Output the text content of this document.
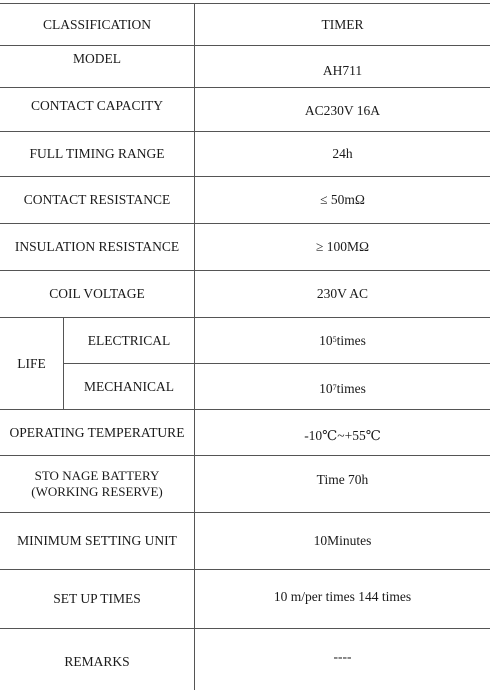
CLASSIFICATION
MODEL
CONTACT CAPACITY
FULL TIMING RANGE
CONTACT RESISTANCE
INSULATION RESISTANCE
COIL VOLTAGE
LIFE
ELECTRICAL
MECHANICAL
OPERATING TEMPERATURE
STO NAGE BATTERY
(WORKING RESERVE)
MINIMUM SETTING UNIT
SET UP TIMES
REMARKS
TIMER
AH711
AC230V 16A
24h
≤ 50mΩ
≥ 100MΩ
230V AC
$10^5$ times
$10^7$ times
-10℃~+55℃
Time 70h
10Minutes
10 m/per times 144 times
----
